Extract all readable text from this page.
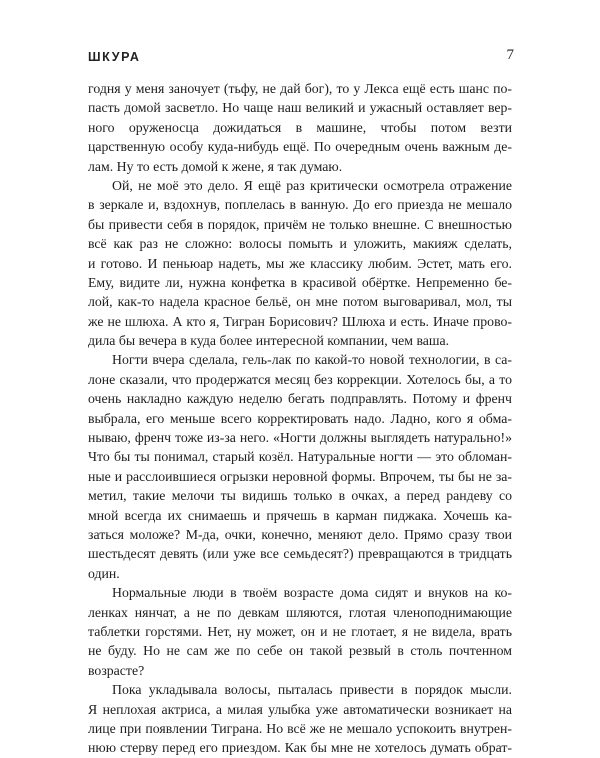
ШКУРА	7
годня у меня заночует (тьфу, не дай бог), то у Лекса ещё есть шанс по-
пасть домой засветло. Но чаще наш великий и ужасный оставляет вер-
ного оруженосца дожидаться в машине, чтобы потом везти
царственную особу куда-нибудь ещё. По очередным очень важным де-
лам. Ну то есть домой к жене, я так думаю.
Ой, не моё это дело. Я ещё раз критически осмотрела отражение
в зеркале и, вздохнув, поплелась в ванную. До его приезда не мешало
бы привести себя в порядок, причём не только внешне. С внешностью
всё как раз не сложно: волосы помыть и уложить, макияж сделать,
и готово. И пеньюар надеть, мы же классику любим. Эстет, мать его.
Ему, видите ли, нужна конфетка в красивой обёртке. Непременно бе-
лой, как-то надела красное бельё, он мне потом выговаривал, мол, ты
же не шлюха. А кто я, Тигран Борисович? Шлюха и есть. Иначе прово-
дила бы вечера в куда более интересной компании, чем ваша.
Ногти вчера сделала, гель-лак по какой-то новой технологии, в са-
лоне сказали, что продержатся месяц без коррекции. Хотелось бы, а то
очень накладно каждую неделю бегать подправлять. Потому и френч
выбрала, его меньше всего корректировать надо. Ладно, кого я обма-
нываю, френч тоже из-за него. «Ногти должны выглядеть натурально!»
Что бы ты понимал, старый козёл. Натуральные ногти — это обломан-
ные и расслоившиеся огрызки неровной формы. Впрочем, ты бы не за-
метил, такие мелочи ты видишь только в очках, а перед рандеву со
мной всегда их снимаешь и прячешь в карман пиджака. Хочешь ка-
заться моложе? М-да, очки, конечно, меняют дело. Прямо сразу твои
шестьдесят девять (или уже все семьдесят?) превращаются в тридцать
один.
Нормальные люди в твоём возрасте дома сидят и внуков на ко-
ленках нянчат, а не по девкам шляются, глотая членоподнимающие
таблетки горстями. Нет, ну может, он и не глотает, я не видела, врать
не буду. Но не сам же по себе он такой резвый в столь почтенном
возрасте?
Пока укладывала волосы, пыталась привести в порядок мысли.
Я неплохая актриса, а милая улыбка уже автоматически возникает на
лице при появлении Тиграна. Но всё же не мешало успокоить внутрен-
нюю стерву перед его приездом. Как бы мне не хотелось думать обрат-
